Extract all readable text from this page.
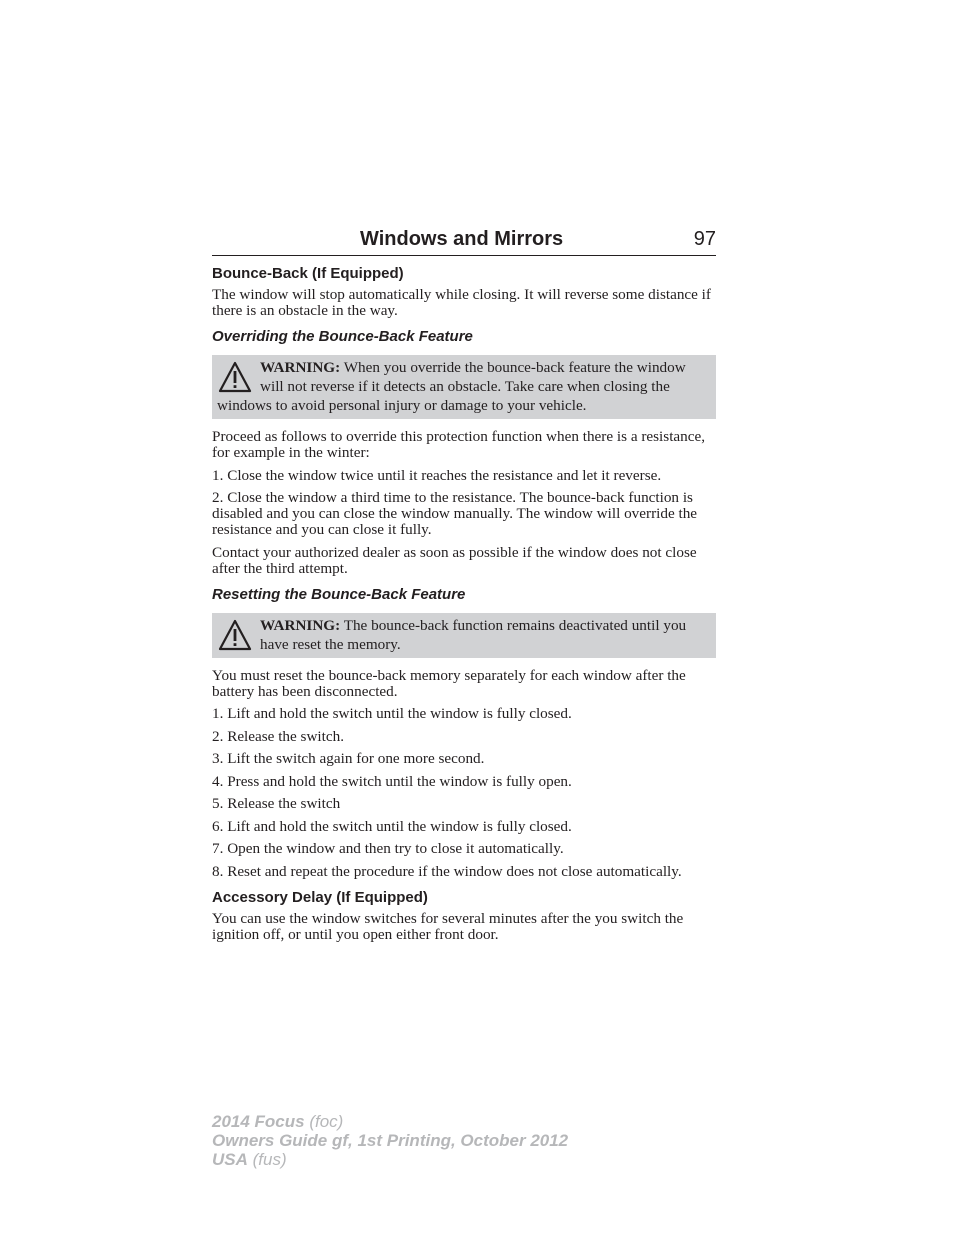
Windows and Mirrors	97
Bounce-Back (If Equipped)

The window will stop automatically while closing. It will reverse some distance if there is an obstacle in the way.

Overriding the Bounce-Back Feature
WARNING: When you override the bounce-back feature the window will not reverse if it detects an obstacle. Take care when closing the windows to avoid personal injury or damage to your vehicle.

Proceed as follows to override this protection function when there is a resistance, for example in the winter:

1. Close the window twice until it reaches the resistance and let it reverse.

2. Close the window a third time to the resistance. The bounce-back function is disabled and you can close the window manually. The window will override the resistance and you can close it fully.

Contact your authorized dealer as soon as possible if the window does not close after the third attempt.

Resetting the Bounce-Back Feature
WARNING: The bounce-back function remains deactivated until you have reset the memory.

You must reset the bounce-back memory separately for each window after the battery has been disconnected.

1. Lift and hold the switch until the window is fully closed.

2. Release the switch.

3. Lift the switch again for one more second.

4. Press and hold the switch until the window is fully open.

5. Release the switch

6. Lift and hold the switch until the window is fully closed.

7. Open the window and then try to close it automatically.

8. Reset and repeat the procedure if the window does not close automatically.

Accessory Delay (If Equipped)

You can use the window switches for several minutes after the you switch the ignition off, or until you open either front door.

2014 Focus (foc)
Owners Guide gf, 1st Printing, October 2012
USA (fus)
